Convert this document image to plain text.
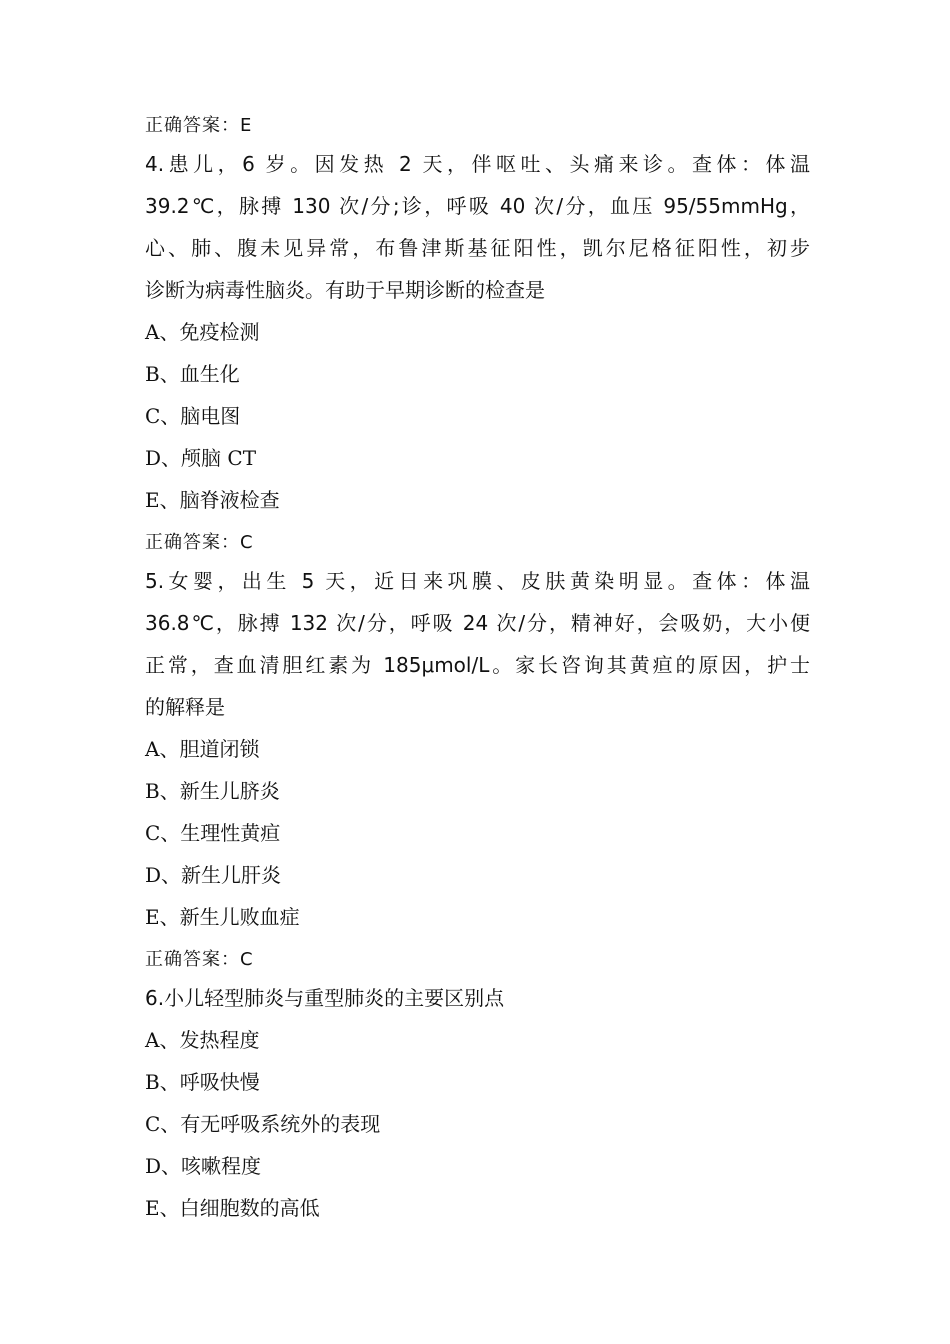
正确答案：E
4.患儿，6 岁。因发热 2 天，伴呕吐、头痛来诊。查体：体温
39.2℃，脉搏 130 次/分;诊，呼吸 40 次/分，血压 95/55mmHg，
心、肺、腹未见异常，布鲁津斯基征阳性，凯尔尼格征阳性，初步
诊断为病毒性脑炎。有助于早期诊断的检查是
A、免疫检测
B、血生化
C、脑电图
D、颅脑 CT
E、脑脊液检查
正确答案：C
5.女婴，出生 5 天，近日来巩膜、皮肤黄染明显。查体：体温
36.8℃，脉搏 132 次/分，呼吸 24 次/分，精神好，会吸奶，大小便
正常，查血清胆红素为 185μmol/L。家长咨询其黄疸的原因，护士
的解释是
A、胆道闭锁
B、新生儿脐炎
C、生理性黄疸
D、新生儿肝炎
E、新生儿败血症
正确答案：C
6.小儿轻型肺炎与重型肺炎的主要区别点
A、发热程度
B、呼吸快慢
C、有无呼吸系统外的表现
D、咳嗽程度
E、白细胞数的高低
